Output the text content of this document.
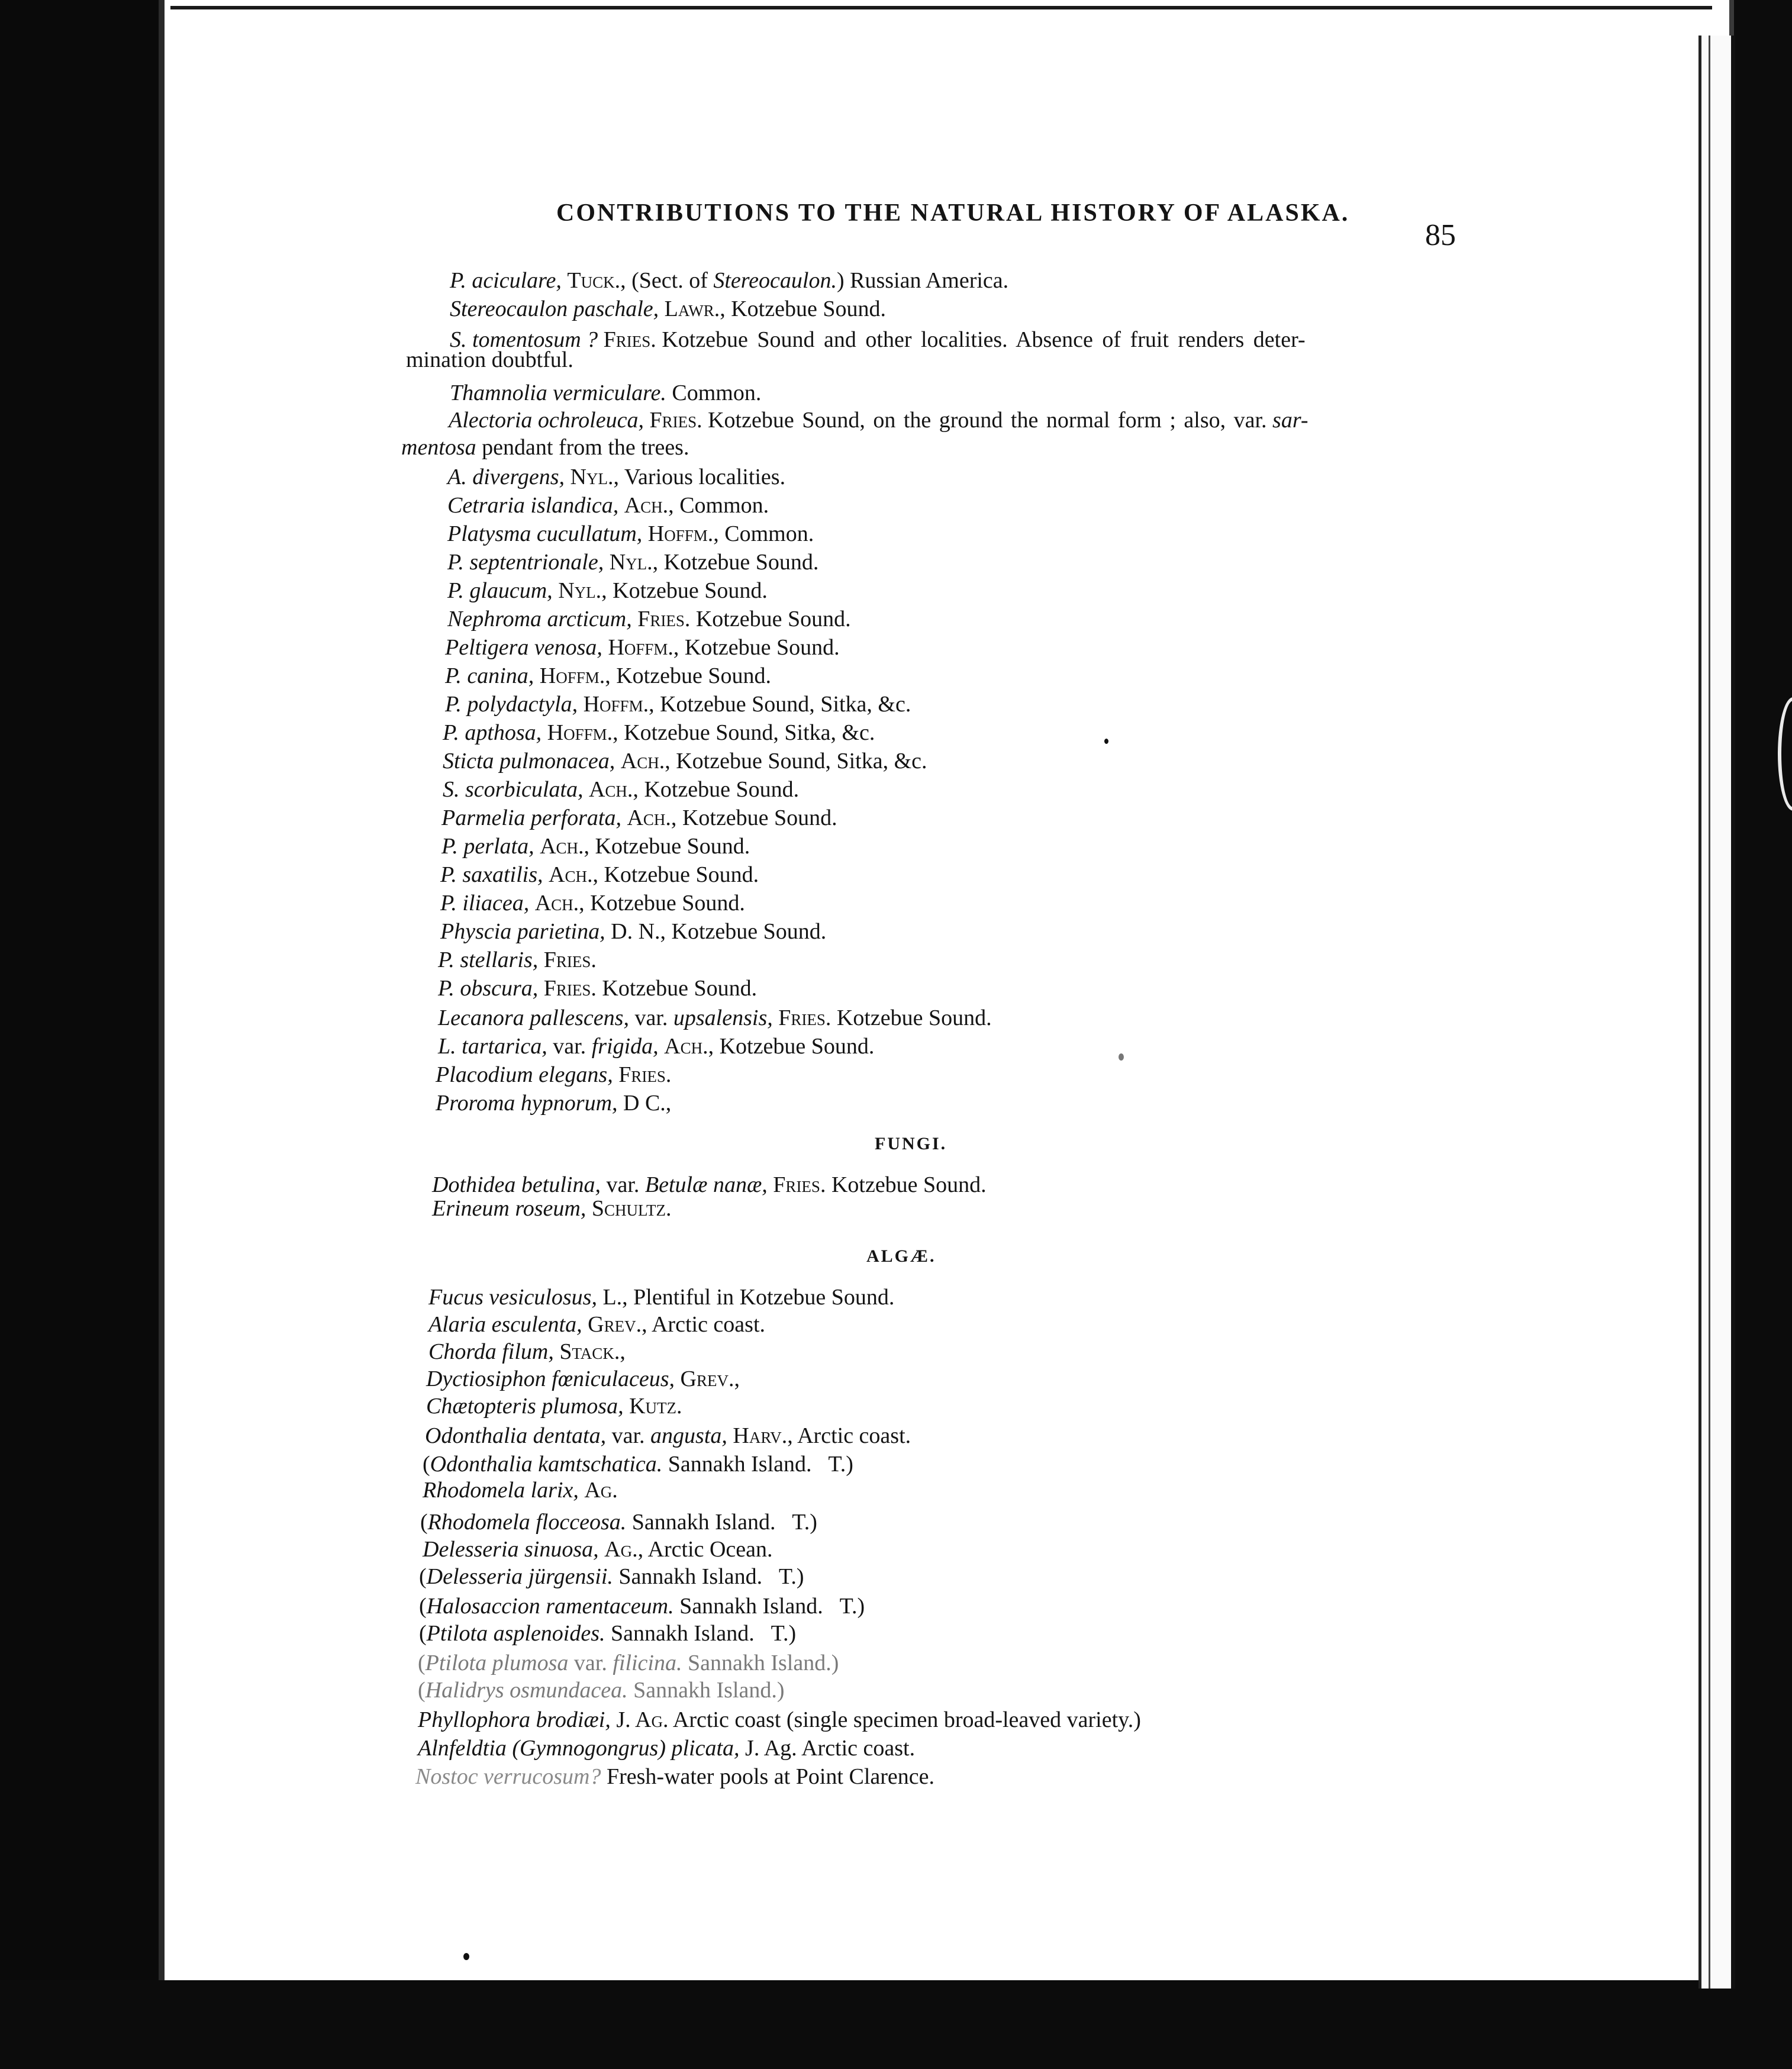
CONTRIBUTIONS TO THE NATURAL HISTORY OF ALASKA.
85
P. aciculare, Tuck., (Sect. of Stereocaulon.) Russian America.
Stereocaulon paschale, Lawr., Kotzebue Sound.
S. tomentosum ? Fries. Kotzebue Sound and other localities. Absence of fruit renders deter-
mination doubtful.
Thamnolia vermiculare. Common.
Alectoria ochroleuca, Fries. Kotzebue Sound, on the ground the normal form ; also, var. sar-
mentosa pendant from the trees.
A. divergens, Nyl., Various localities.
Cetraria islandica, Ach., Common.
Platysma cucullatum, Hoffm., Common.
P. septentrionale, Nyl., Kotzebue Sound.
P. glaucum, Nyl., Kotzebue Sound.
Nephroma arcticum, Fries. Kotzebue Sound.
Peltigera venosa, Hoffm., Kotzebue Sound.
P. canina, Hoffm., Kotzebue Sound.
P. polydactyla, Hoffm., Kotzebue Sound, Sitka, &c.
P. apthosa, Hoffm., Kotzebue Sound, Sitka, &c.
Sticta pulmonacea, Ach., Kotzebue Sound, Sitka, &c.
S. scorbiculata, Ach., Kotzebue Sound.
Parmelia perforata, Ach., Kotzebue Sound.
P. perlata, Ach., Kotzebue Sound.
P. saxatilis, Ach., Kotzebue Sound.
P. iliacea, Ach., Kotzebue Sound.
Physcia parietina, D. N., Kotzebue Sound.
P. stellaris, Fries.
P. obscura, Fries. Kotzebue Sound.
Lecanora pallescens, var. upsalensis, Fries. Kotzebue Sound.
L. tartarica, var. frigida, Ach., Kotzebue Sound.
Placodium elegans, Fries.
Proroma hypnorum, D C.,
FUNGI.
Dothidea betulina, var. Betulæ nanæ, Fries. Kotzebue Sound.
Erineum roseum, Schultz.
ALGÆ.
Fucus vesiculosus, L., Plentiful in Kotzebue Sound.
Alaria esculenta, Grev., Arctic coast.
Chorda filum, Stack.,
Dyctiosiphon fœniculaceus, Grev.,
Chætopteris plumosa, Kutz.
Odonthalia dentata, var. angusta, Harv., Arctic coast.
(Odonthalia kamtschatica. Sannakh Island.   T.)
Rhodomela larix, Ag.
(Rhodomela flocceosa. Sannakh Island.   T.)
Delesseria sinuosa, Ag., Arctic Ocean.
(Delesseria jürgensii. Sannakh Island.   T.)
(Halosaccion ramentaceum. Sannakh Island.   T.)
(Ptilota asplenoides. Sannakh Island.   T.)
(Ptilota plumosa var. filicina. Sannakh Island.)
(Halidrys osmundacea. Sannakh Island.)
Phyllophora brodiæi, J. Ag. Arctic coast (single specimen broad-leaved variety.)
Alnfeldtia (Gymnogongrus) plicata, J. Ag. Arctic coast.
Nostoc verrucosum? Fresh-water pools at Point Clarence.
